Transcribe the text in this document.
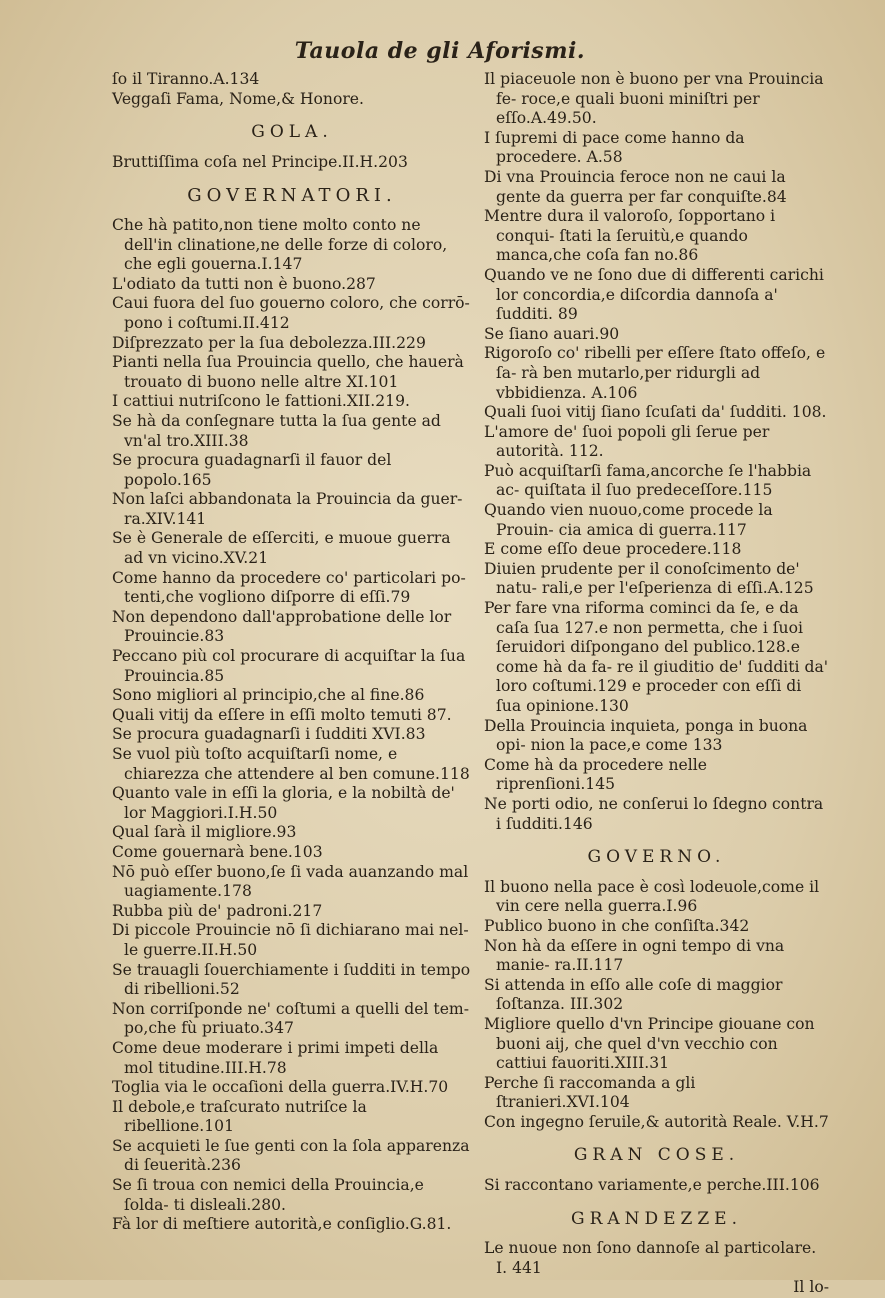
Tauola de gli Aforismi.

ſo il Tiranno.A.134

Veggaſi Fama, Nome,& Honore.

GOLA.

Bruttiſſima coſa nel Principe.II.H.203

GOVERNATORI.

Che hà patito,non tiene molto conto ne dell'in clinatione,ne delle forze di coloro, che egli gouerna.I.147

L'odiato da tutti non è buono.287

Caui fuora del ſuo gouerno coloro, che corrō- pono i coſtumi.II.412

Diſprezzato per la ſua debolezza.III.229

Pianti nella ſua Prouincia quello, che hauerà trouato di buono nelle altre XI.101

I cattiui nutriſcono le fattioni.XII.219.

Se hà da conſegnare tutta la ſua gente ad vn'al tro.XIII.38

Se procura guadagnarſi il fauor del popolo.165

Non laſci abbandonata la Prouincia da guer- ra.XIV.141

Se è Generale de eſſerciti, e muoue guerra ad vn vicino.XV.21

Come hanno da procedere co' particolari po- tenti,che vogliono diſporre di eſſi.79

Non dependono dall'approbatione delle lor Prouincie.83

Peccano più col procurare di acquiſtar la ſua Prouincia.85

Sono migliori al principio,che al fine.86

Quali vitij da eſſere in eſſi molto temuti 87.

Se procura guadagnarſi i ſudditi XVI.83

Se vuol più toſto acquiſtarſi nome, e chiarezza che attendere al ben comune.118

Quanto vale in eſſi la gloria, e la nobiltà de' lor Maggiori.I.H.50

Qual ſarà il migliore.93

Come gouernarà bene.103

Nō può eſſer buono,ſe ſi vada auanzando mal uagiamente.178

Rubba più de' padroni.217

Di piccole Prouincie nō ſi dichiarano mai nel- le guerre.II.H.50

Se trauagli ſouerchiamente i ſudditi in tempo di ribellioni.52

Non corriſponde ne' coſtumi a quelli del tem- po,che fù priuato.347

Come deue moderare i primi impeti della mol titudine.III.H.78

Toglia via le occaſioni della guerra.IV.H.70

Il debole,e traſcurato nutriſce la ribellione.101

Se acquieti le ſue genti con la ſola apparenza di ſeuerità.236

Se ſi troua con nemici della Prouincia,e ſolda- ti disleali.280.

Fà lor di meſtiere autorità,e conſiglio.G.81.

Il piaceuole non è buono per vna Prouincia fe- roce,e quali buoni miniſtri per eſſo.A.49.50.

I ſupremi di pace come hanno da procedere. A.58

Di vna Prouincia feroce non ne caui la gente da guerra per far conquiſte.84

Mentre dura il valoroſo, ſopportano i conqui- ſtati la ſeruitù,e quando manca,che coſa fan no.86

Quando ve ne ſono due di differenti carichi lor concordia,e diſcordia dannoſa a' ſudditi. 89

Se ſiano auari.90

Rigoroſo co' ribelli per eſſere ſtato offeſo, e ſa- rà ben mutarlo,per ridurgli ad vbbidienza. A.106

Quali ſuoi vitij ſiano ſcuſati da' ſudditi. 108.

L'amore de' ſuoi popoli gli ſerue per autorità. 112.

Può acquiſtarſi fama,ancorche ſe l'habbia ac- quiſtata il ſuo predeceſſore.115

Quando vien nuouo,come procede la Prouin- cia amica di guerra.117

E come eſſo deue procedere.118

Diuien prudente per il conoſcimento de' natu- rali,e per l'eſperienza di eſſi.A.125

Per fare vna riforma cominci da ſe, e da caſa ſua 127.e non permetta, che i ſuoi ſeruidori diſpongano del publico.128.e come hà da fa- re il giuditio de' ſudditi da' loro coſtumi.129 e proceder con eſſi di ſua opinione.130

Della Prouincia inquieta, ponga in buona opi- nion la pace,e come 133

Come hà da procedere nelle riprenſioni.145

Ne porti odio, ne conſerui lo ſdegno contra i ſudditi.146

GOVERNO.

Il buono nella pace è così lodeuole,come il vin cere nella guerra.I.96

Publico buono in che conſiſta.342

Non hà da eſſere in ogni tempo di vna manie- ra.II.117

Si attenda in eſſo alle coſe di maggior ſoſtanza. III.302

Migliore quello d'vn Principe giouane con buoni aij, che quel d'vn vecchio con cattiui fauoriti.XIII.31

Perche ſi raccomanda a gli ſtranieri.XVI.104

Con ingegno ſeruile,& autorità Reale. V.H.7

GRAN COSE.

Si raccontano variamente,e perche.III.106

GRANDEZZE.

Le nuoue non ſono dannoſe al particolare. I. 441

Il lo-
